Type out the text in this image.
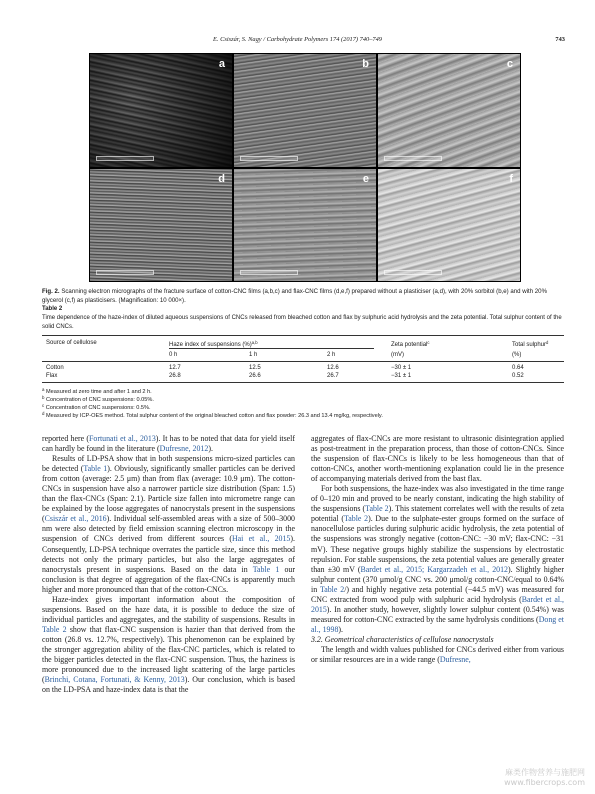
E. Csiszár, S. Nagy / Carbohydrate Polymers 174 (2017) 740–749	743
a	b	c
d	e	f
Fig. 2. Scanning electron micrographs of the fracture surface of cotton-CNC films (a,b,c) and flax-CNC films (d,e,f) prepared without a plasticiser (a,d), with 20% sorbitol (b,e) and with 20% glycerol (c,f) as plasticisers. (Magnification: 10 000×).
Table 2
Time dependence of the haze-index of diluted aqueous suspensions of CNCs released from bleached cotton and flax by sulphuric acid hydrolysis and the zeta potential. Total sulphur content of the solid CNCs.
Source of cellulose	Haze index of suspensions (%)$^{a,b}$	Zeta potential$^c$	Total sulphur$^d$
0 h	1 h	2 h	(mV)	(%)
Cotton	12.7	12.5	12.6	−30 ± 1	0.64
Flax	26.8	26.6	26.7	−31 ± 1	0.52
$^a$ Measured at zero time and after 1 and 2 h.
$^b$ Concentration of CNC suspensions: 0.05%.
$^c$ Concentration of CNC suspensions: 0.5%.
$^d$ Measured by ICP-OES method. Total sulphur content of the original bleached cotton and flax powder: 26.3 and 13.4 mg/kg, respectively.

reported here (Fortunati et al., 2013). It has to be noted that data for yield itself can hardly be found in the literature (Dufresne, 2012).

Results of LD-PSA show that in both suspensions micro-sized particles can be detected (Table 1). Obviously, significantly smaller particles can be derived from cotton (average: 2.5 μm) than from flax (average: 10.9 μm). The cotton-CNCs in suspension have also a narrower particle size distribution (Span: 1.5) than the flax-CNCs (Span: 2.1). Particle size fallen into micrometre range can be explained by the loose aggregates of nanocrystals present in the suspensions (Csiszár et al., 2016). Individual self-assembled areas with a size of 500–3000 nm were also detected by field emission scanning electron microscopy in the suspension of CNCs derived from different sources (Hai et al., 2015). Consequently, LD-PSA technique overrates the particle size, since this method detects not only the primary particles, but also the large aggregates of nanocrystals present in suspensions. Based on the data in Table 1 our conclusion is that degree of aggregation of the flax-CNCs is apparently much higher and more pronounced than that of the cotton-CNCs.

Haze-index gives important information about the composition of suspensions. Based on the haze data, it is possible to deduce the size of individual particles and aggregates, and the stability of suspensions. Results in Table 2 show that flax-CNC suspension is hazier than that derived from the cotton (26.8 vs. 12.7%, respectively). This phenomenon can be explained by the stronger aggregation ability of the flax-CNC particles, which is related to the bigger particles detected in the flax-CNC suspension. Thus, the haziness is more pronounced due to the increased light scattering of the large particles (Brinchi, Cotana, Fortunati, & Kenny, 2013). Our conclusion, which is based on the LD-PSA and haze-index data is that the

aggregates of flax-CNCs are more resistant to ultrasonic disintegration applied as post-treatment in the preparation process, than those of cotton-CNCs. Since the suspension of flax-CNCs is likely to be less homogeneous than that of cotton-CNCs, another worth-mentioning explanation could lie in the presence of accompanying materials derived from the bast flax.

For both suspensions, the haze-index was also investigated in the time range of 0–120 min and proved to be nearly constant, indicating the high stability of the suspensions (Table 2). This statement correlates well with the results of zeta potential (Table 2). Due to the sulphate-ester groups formed on the surface of nanocellulose particles during sulphuric acidic hydrolysis, the zeta potential of the suspensions was strongly negative (cotton-CNC: −30 mV; flax-CNC: −31 mV). These negative groups highly stabilize the suspensions by electrostatic repulsion. For stable suspensions, the zeta potential values are generally greater than ±30 mV (Bardet et al., 2015; Kargarzadeh et al., 2012). Slightly higher sulphur content (370 μmol/g CNC vs. 200 μmol/g cotton-CNC/equal to 0.64% in Table 2/) and highly negative zeta potential (−44.5 mV) was measured for CNC extracted from wood pulp with sulphuric acid hydrolysis (Bardet et al., 2015). In another study, however, slightly lower sulphur content (0.54%) was measured for cotton-CNC extracted by the same hydrolysis conditions (Dong et al., 1998).

3.2. Geometrical characteristics of cellulose nanocrystals

The length and width values published for CNCs derived either from various or similar resources are in a wide range (Dufresne,

麻类作物营养与施肥网
www.fibercrops.com
